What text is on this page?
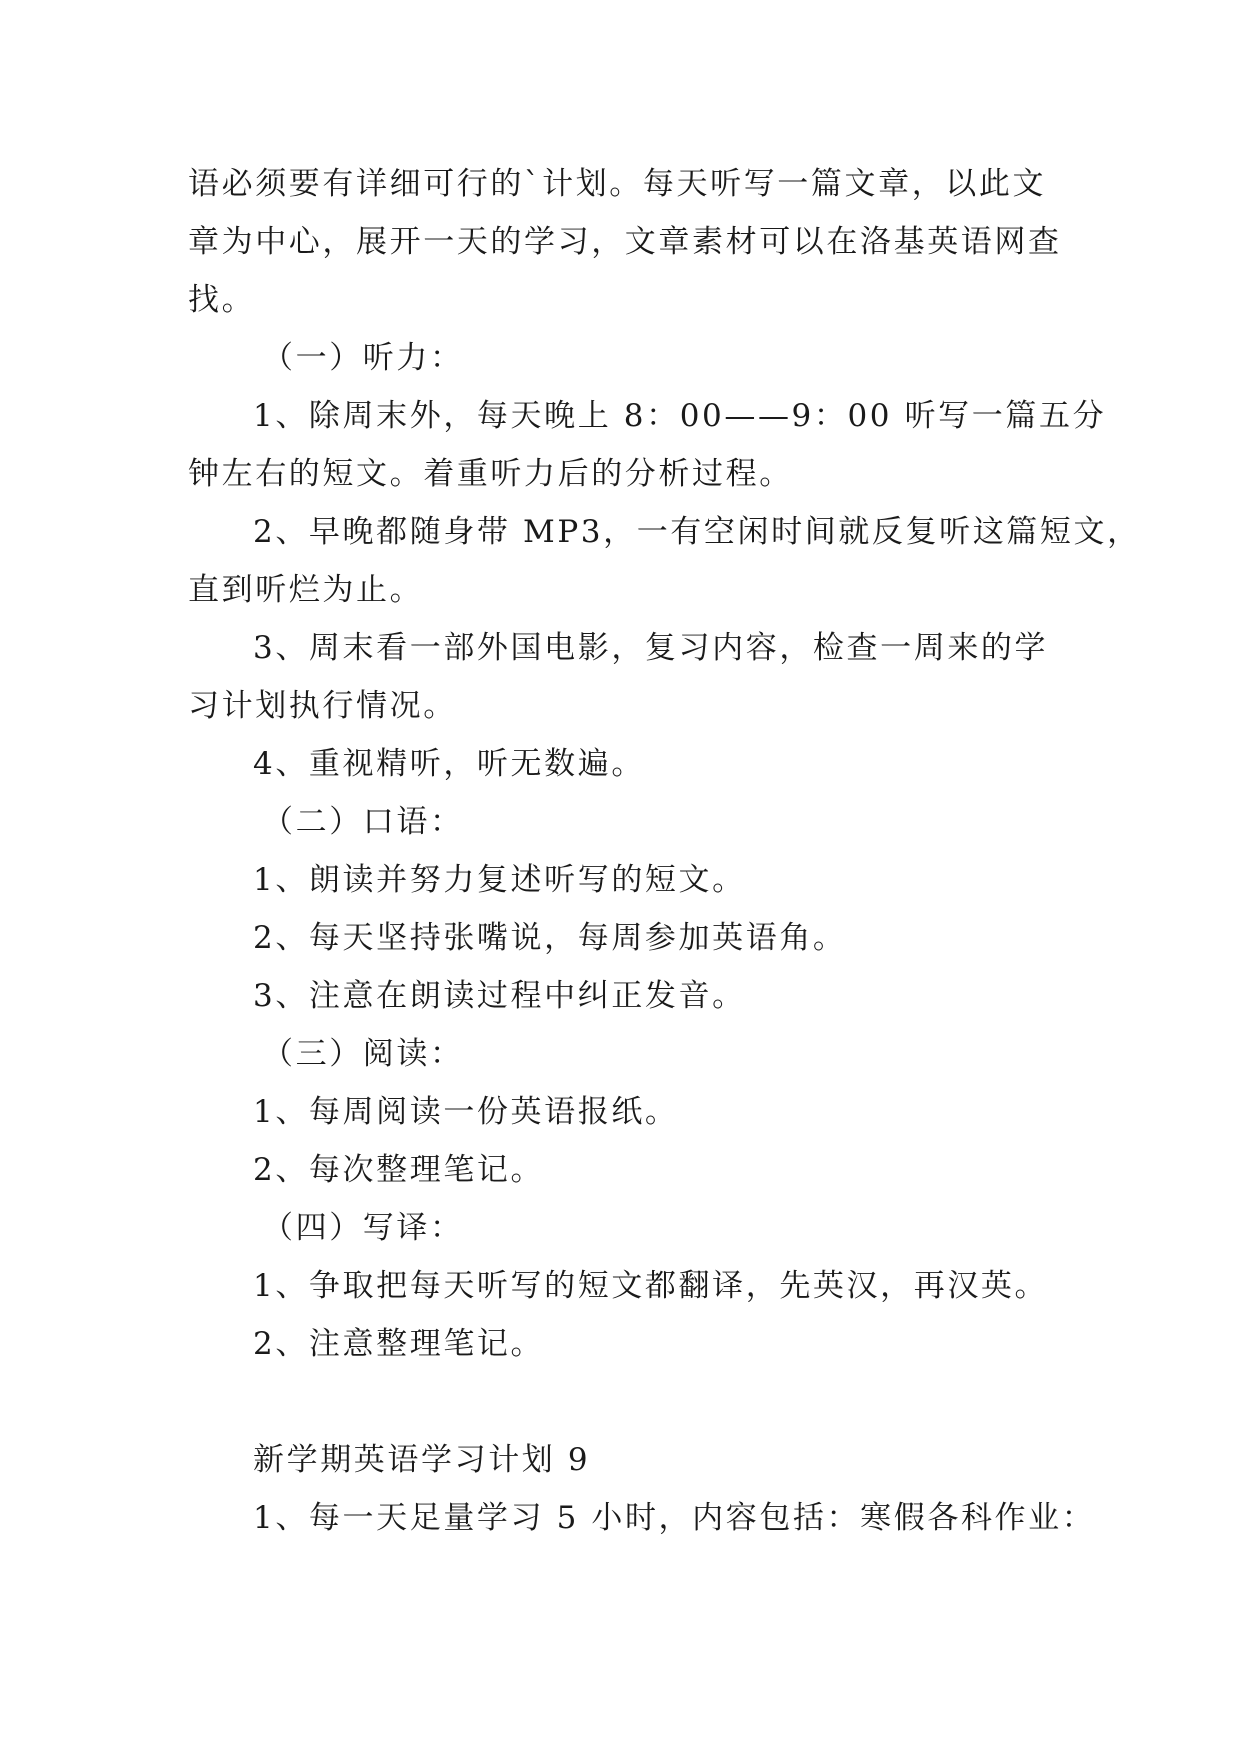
语必须要有详细可行的`计划。每天听写一篇文章，以此文
章为中心，展开一天的学习，文章素材可以在洛基英语网查
找。
（一）听力：
1、除周末外，每天晚上 8：00——9：00 听写一篇五分
钟左右的短文。着重听力后的分析过程。
2、早晚都随身带 MP3，一有空闲时间就反复听这篇短文，
直到听烂为止。
3、周末看一部外国电影，复习内容，检查一周来的学
习计划执行情况。
4、重视精听，听无数遍。
（二）口语：
1、朗读并努力复述听写的短文。
2、每天坚持张嘴说，每周参加英语角。
3、注意在朗读过程中纠正发音。
（三）阅读：
1、每周阅读一份英语报纸。
2、每次整理笔记。
（四）写译：
1、争取把每天听写的短文都翻译，先英汉，再汉英。
2、注意整理笔记。
新学期英语学习计划 9
1、每一天足量学习 5 小时，内容包括：寒假各科作业：
